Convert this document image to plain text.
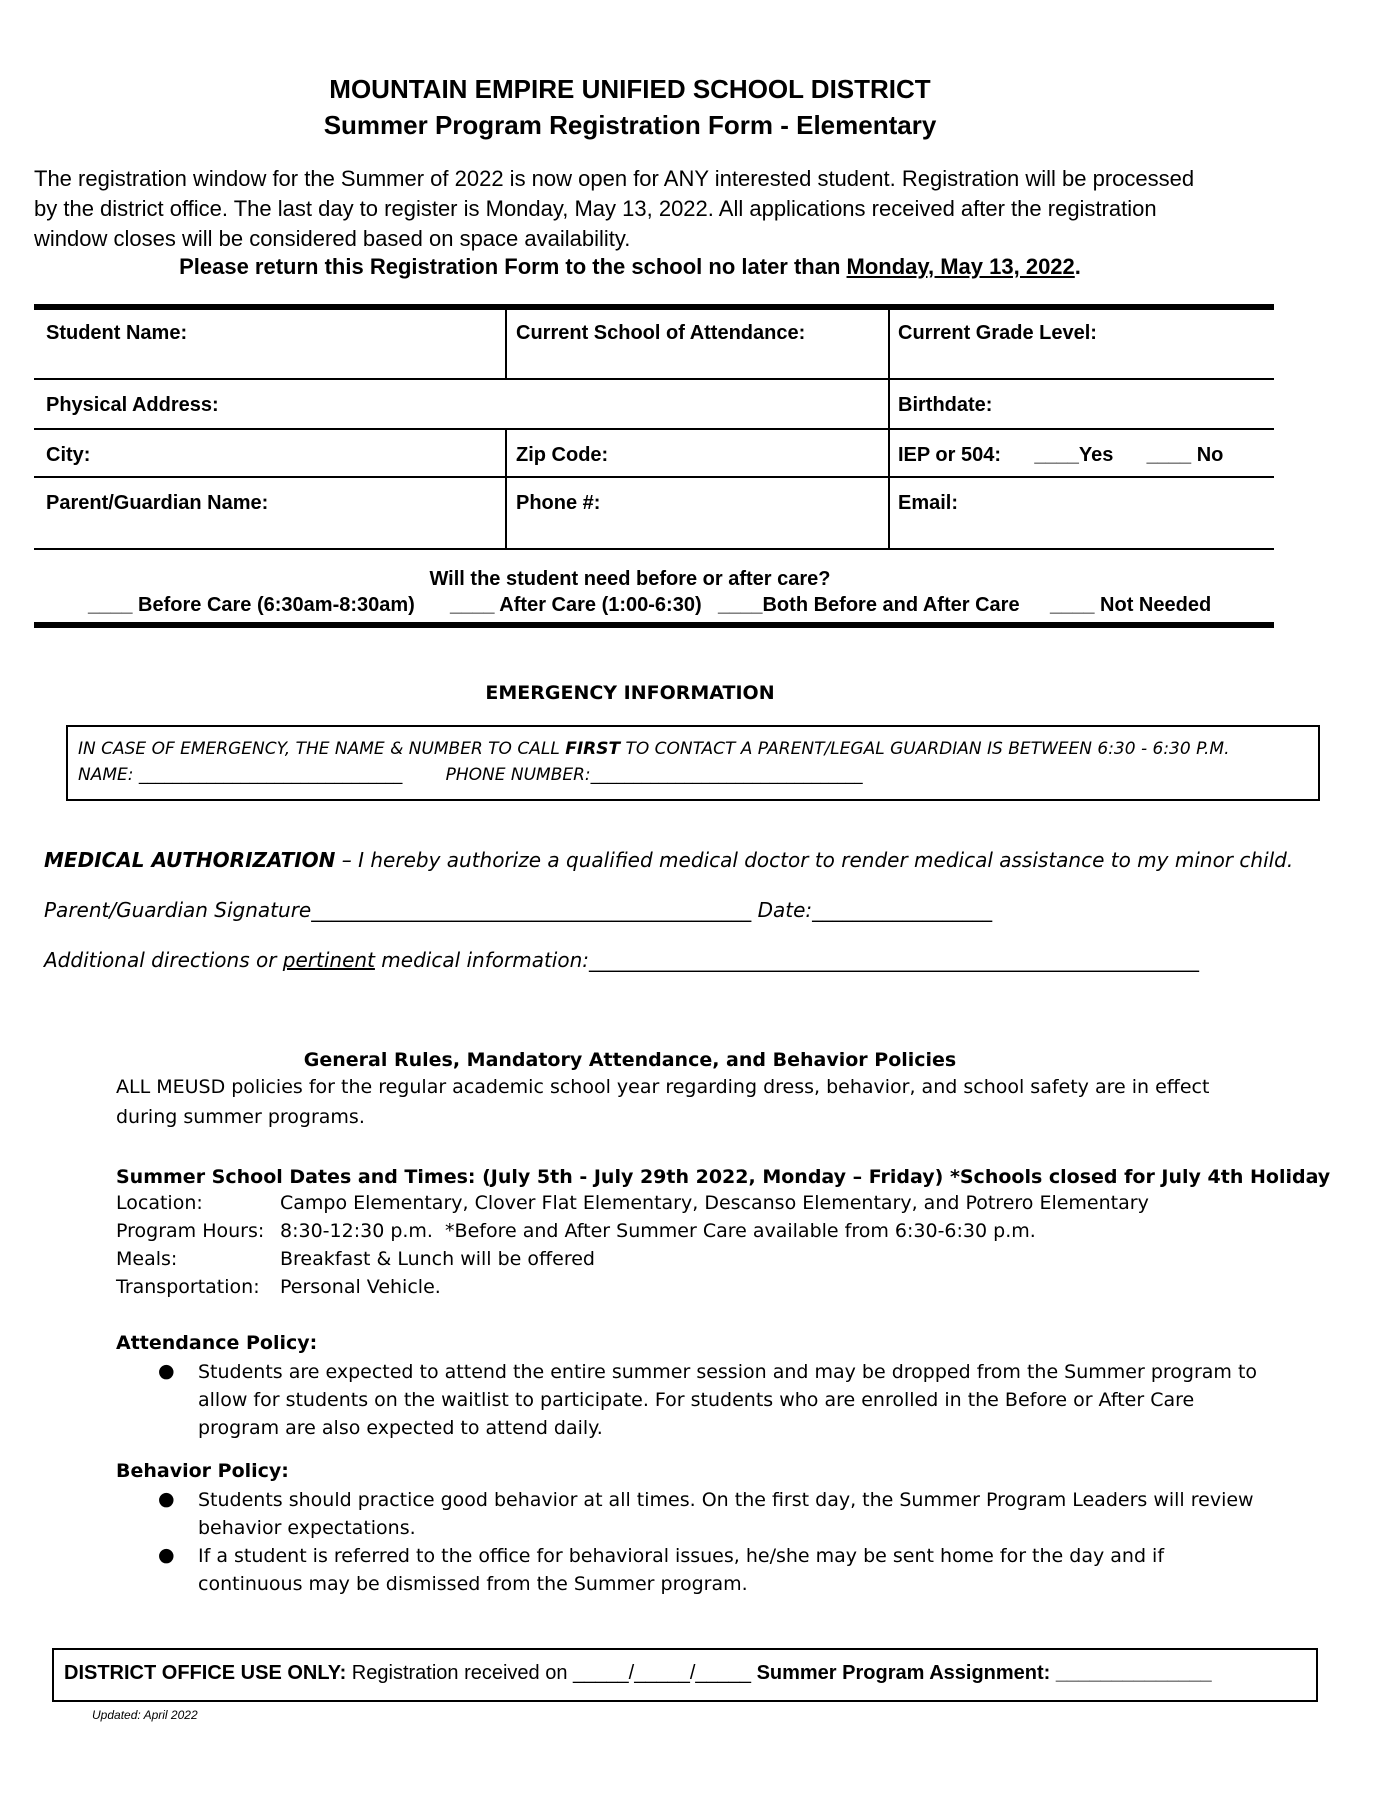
MOUNTAIN EMPIRE UNIFIED SCHOOL DISTRICT
Summer Program Registration Form - Elementary
The registration window for the Summer of 2022 is now open for ANY interested student. Registration will be processed
by the district office. The last day to register is Monday, May 13, 2022. All applications received after the registration
window closes will be considered based on space availability.
Please return this Registration Form to the school no later than Monday, May 13, 2022.
Student Name:	Current School of Attendance:	Current Grade Level:
Physical Address:	Birthdate:
City:	Zip Code:	IEP or 504:      ____Yes      ____ No
Parent/Guardian Name:	Phone #:	Email:
Will the student need before or after care?
____ Before Care (6:30am-8:30am) ____ After Care (1:00-6:30) ____Both Before and After Care ____ Not Needed
EMERGENCY INFORMATION
IN CASE OF EMERGENCY, THE NAME & NUMBER TO CALL FIRST TO CONTACT A PARENT/LEGAL GUARDIAN IS BETWEEN 6:30 - 6:30 P.M.
NAME: _______________________________        PHONE NUMBER:________________________________
MEDICAL AUTHORIZATION – I hereby authorize a qualified medical doctor to render medical assistance to my minor child.
Parent/Guardian Signature____________________________________________ Date:__________________
Additional directions or pertinent medical information:_____________________________________________________________
General Rules, Mandatory Attendance, and Behavior Policies
ALL MEUSD policies for the regular academic school year regarding dress, behavior, and school safety are in effect during summer programs.
Summer School Dates and Times: (July 5th - July 29th 2022, Monday – Friday) *Schools closed for July 4th Holiday
Location:	Campo Elementary, Clover Flat Elementary, Descanso Elementary, and Potrero Elementary
Program Hours: 8:30-12:30 p.m.  *Before and After Summer Care available from 6:30-6:30 p.m.
Meals:	Breakfast & Lunch will be offered
Transportation: Personal Vehicle.
Attendance Policy:
● Students are expected to attend the entire summer session and may be dropped from the Summer program to allow for students on the waitlist to participate. For students who are enrolled in the Before or After Care program are also expected to attend daily.
Behavior Policy:
● Students should practice good behavior at all times. On the first day, the Summer Program Leaders will review behavior expectations.
● If a student is referred to the office for behavioral issues, he/she may be sent home for the day and if continuous may be dismissed from the Summer program.
DISTRICT OFFICE USE ONLY: Registration received on _____/_____/_____ Summer Program Assignment: ______________
Updated: April 2022
